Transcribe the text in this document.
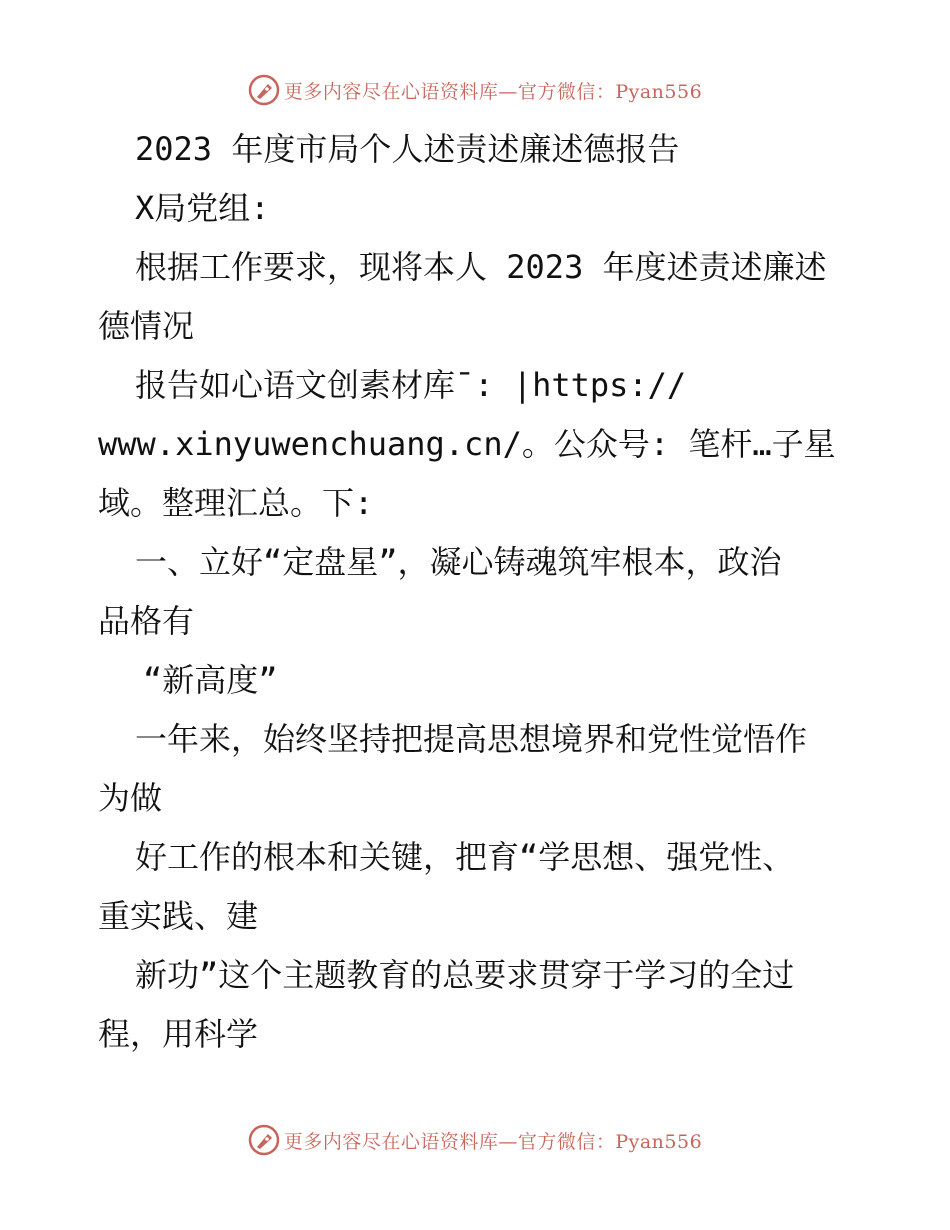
更多内容尽在心语资料库—官方微信：Pyan556
2023 年度市局个人述责述廉述德报告
X局党组:
根据工作要求，现将本人 2023 年度述责述廉述
德情况
报告如心语文创素材库¯: |https://
www.xinyuwenchuang.cn/。公众号: 笔杆…子星
域。整理汇总。下:
一、立好“定盘星”，凝心铸魂筑牢根本，政治
品格有
“新高度”
一年来，始终坚持把提高思想境界和党性觉悟作
为做
好工作的根本和关键，把育“学思想、强党性、
重实践、建
新功”这个主题教育的总要求贯穿于学习的全过
程，用科学
更多内容尽在心语资料库—官方微信：Pyan556
